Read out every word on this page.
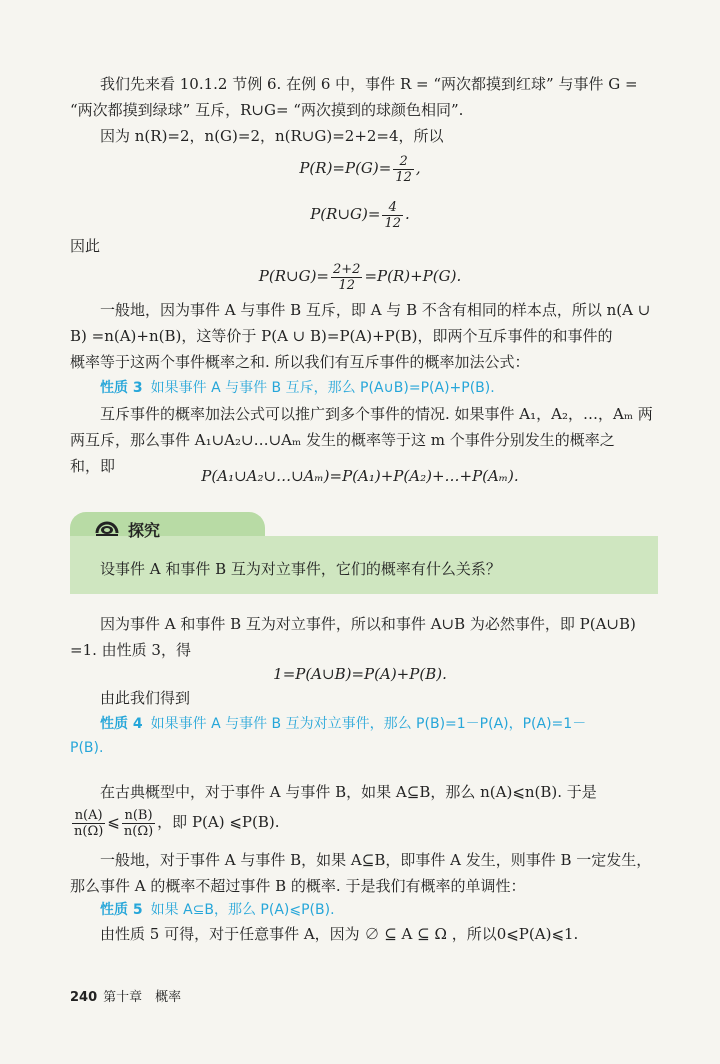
我们先来看 10.1.2 节例 6. 在例 6 中，事件 R = “两次都摸到红球” 与事件 G =
“两次都摸到绿球” 互斥，R∪G= “两次摸到的球颜色相同”.
因为 n(R)=2，n(G)=2，n(R∪G)=2+2=4，所以
$P(R)=P(G)= \frac{2}{12}$ ,
P(R∪G)= $\frac{4}{12}$ .
因此
P(R∪G)= $\frac{2+2}{12} =P(R)+P(G)$.
一般地，因为事件 A 与事件 B 互斥，即 A 与 B 不含有相同的样本点，所以 n(A ∪
B) =n(A)+n(B)，这等价于 P(A ∪ B)=P(A)+P(B)，即两个互斥事件的和事件的
概率等于这两个事件概率之和. 所以我们有互斥事件的概率加法公式：
性质 3 如果事件 A 与事件 B 互斥，那么 P(A∪B)=P(A)+P(B).
互斥事件的概率加法公式可以推广到多个事件的情况. 如果事件 A₁，A₂，…，Aₘ 两
两互斥，那么事件 A₁∪A₂∪…∪Aₘ 发生的概率等于这 m 个事件分别发生的概率之
和，即
P(A₁∪A₂∪…∪Aₘ)=P(A₁)+P(A₂)+…+P(Aₘ).
探究
设事件 A 和事件 B 互为对立事件，它们的概率有什么关系？
因为事件 A 和事件 B 互为对立事件，所以和事件 A∪B 为必然事件，即 P(A∪B)
=1. 由性质 3，得
1=P(A∪B)=P(A)+P(B).
由此我们得到
性质 4 如果事件 A 与事件 B 互为对立事件，那么 P(B)=1－P(A)，P(A)=1－
P(B).
在古典概型中，对于事件 A 与事件 B，如果 A⊆B，那么 n(A)⩽n(B). 于是
$\frac{n(A)}{n(\Omega)}$ ⩽ $\frac{n(B)}{n(\Omega)}$ ，即 P(A) ⩽P(B).
一般地，对于事件 A 与事件 B，如果 A⊆B，即事件 A 发生，则事件 B 一定发生，
那么事件 A 的概率不超过事件 B 的概率. 于是我们有概率的单调性：
性质 5 如果 A⊆B，那么 P(A)⩽P(B).
由性质 5 可得，对于任意事件 A，因为 ∅ ⊆ A ⊆ Ω ，所以0⩽P(A)⩽1.
240 第十章　概率
